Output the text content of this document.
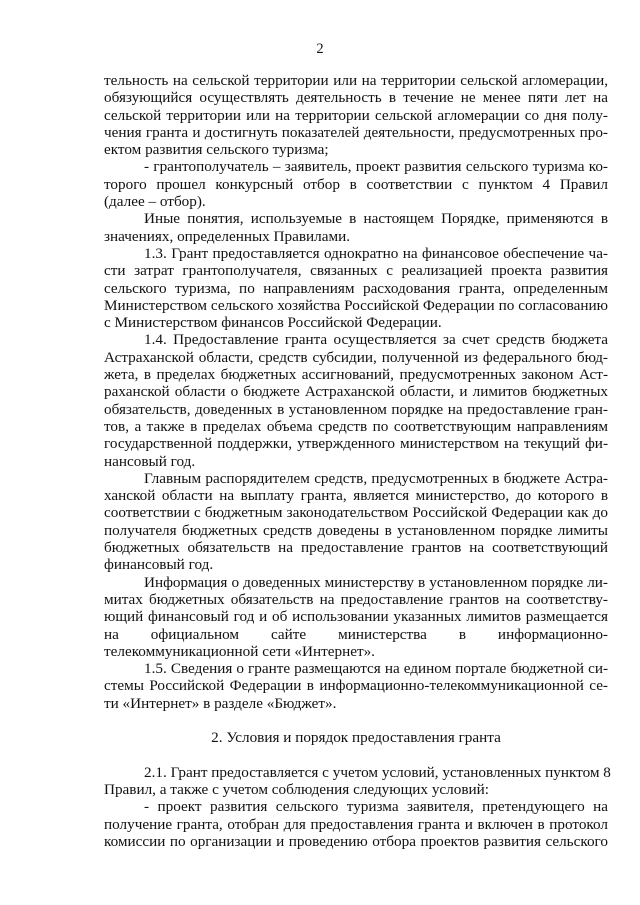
2
тельность на сельской территории или на территории сельской агломерации,
обязующийся осуществлять деятельность в течение не менее пяти лет на
сельской территории или на территории сельской агломерации со дня полу-
чения гранта и достигнуть показателей деятельности, предусмотренных про-
ектом развития сельского туризма;
- грантополучатель – заявитель, проект развития сельского туризма ко-
торого прошел конкурсный отбор в соответствии с пунктом 4 Правил
(далее – отбор).
Иные понятия, используемые в настоящем Порядке, применяются в
значениях, определенных Правилами.
1.3. Грант предоставляется однократно на финансовое обеспечение ча-
сти затрат грантополучателя, связанных с реализацией проекта развития
сельского туризма, по направлениям расходования гранта, определенным
Министерством сельского хозяйства Российской Федерации по согласованию
с Министерством финансов Российской Федерации.
1.4. Предоставление гранта осуществляется за счет средств бюджета
Астраханской области, средств субсидии, полученной из федерального бюд-
жета, в пределах бюджетных ассигнований, предусмотренных законом Аст-
раханской области о бюджете Астраханской области, и лимитов бюджетных
обязательств, доведенных в установленном порядке на предоставление гран-
тов, а также в пределах объема средств по соответствующим направлениям
государственной поддержки, утвержденного министерством на текущий фи-
нансовый год.
Главным распорядителем средств, предусмотренных в бюджете Астра-
ханской области на выплату гранта, является министерство, до которого в
соответствии с бюджетным законодательством Российской Федерации как до
получателя бюджетных средств доведены в установленном порядке лимиты
бюджетных обязательств на предоставление грантов на соответствующий
финансовый год.
Информация о доведенных министерству в установленном порядке ли-
митах бюджетных обязательств на предоставление грантов на соответству-
ющий финансовый год и об использовании указанных лимитов размещается
на официальном сайте министерства в информационно-
телекоммуникационной сети «Интернет».
1.5. Сведения о гранте размещаются на едином портале бюджетной си-
стемы Российской Федерации в информационно-телекоммуникационной се-
ти «Интернет» в разделе «Бюджет».
2. Условия и порядок предоставления гранта
2.1. Грант предоставляется с учетом условий, установленных пунктом 8
Правил, а также с учетом соблюдения следующих условий:
- проект развития сельского туризма заявителя, претендующего на
получение гранта, отобран для предоставления гранта и включен в протокол
комиссии по организации и проведению отбора проектов развития сельского
